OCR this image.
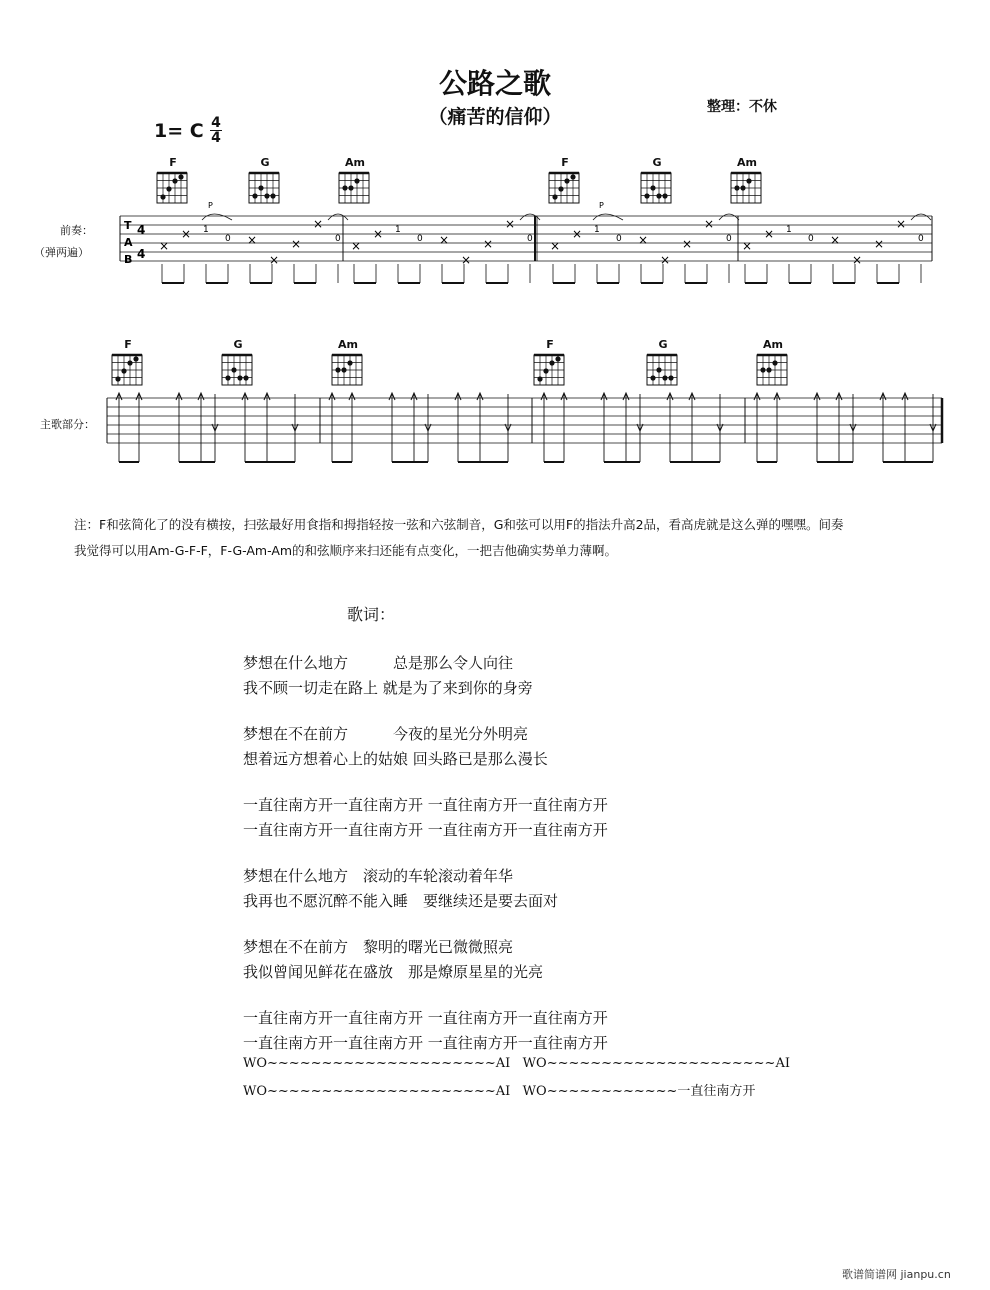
公路之歌
（痛苦的信仰）	整理：不休
1= C 4
4
F	G	Am	F	G	Am
F	G	Am	F	G	Am
前奏：
（弹两遍）
主歌部分：
T
A
B
4
4
×
× 1
0 ×
×
×
×
0
P
×
× 1
0 ×
×
×
×
0 ×
× 1
0 ×
×
×
×
0
P
×
× 1
0 ×
×
×
×
0
注：F和弦简化了的没有横按，扫弦最好用食指和拇指轻按一弦和六弦制音，G和弦可以用F的指法升高2品，看高虎就是这么弹的嘿嘿。间奏
我觉得可以用Am-G-F-F，F-G-Am-Am的和弦顺序来扫还能有点变化，一把吉他确实势单力薄啊。
歌词：
梦想在什么地方　　　总是那么令人向往
我不顾一切走在路上 就是为了来到你的身旁
梦想在不在前方　　　今夜的星光分外明亮
想着远方想着心上的姑娘 回头路已是那么漫长
一直往南方开一直往南方开 一直往南方开一直往南方开
一直往南方开一直往南方开 一直往南方开一直往南方开
梦想在什么地方　滚动的车轮滚动着年华
我再也不愿沉醉不能入睡　要继续还是要去面对
梦想在不在前方　黎明的曙光已微微照亮
我似曾闻见鲜花在盛放　那是燎原星星的光亮
一直往南方开一直往南方开 一直往南方开一直往南方开
一直往南方开一直往南方开 一直往南方开一直往南方开
WO~~~~~~~~~~~~~~~~~~~~~AI   WO~~~~~~~~~~~~~~~~~~~~~AI
WO~~~~~~~~~~~~~~~~~~~~~AI   WO~~~~~~~~~~~~一直往南方开
歌谱简谱网 jianpu.cn
